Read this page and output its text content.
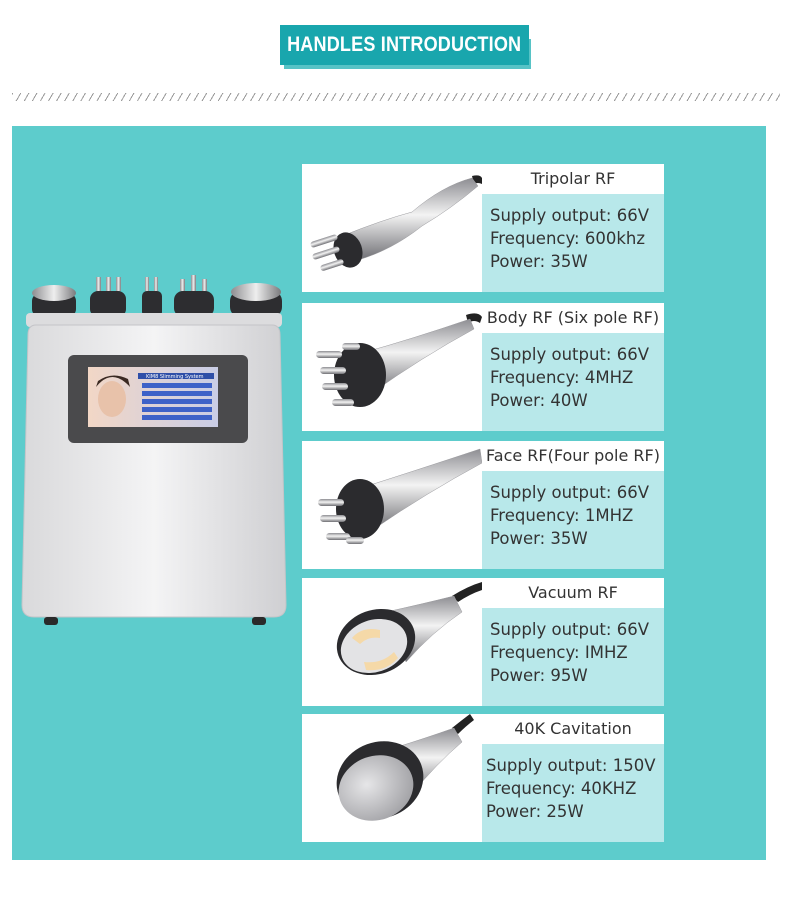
HANDLES INTRODUCTION
KIM8 Slimming System
Tripolar RF
Supply output: 66V
Frequency: 600khz
Power: 35W
Body RF (Six pole RF)
Supply output: 66V
Frequency: 4MHZ
Power: 40W
Face RF(Four pole RF)
Supply output: 66V
Frequency: 1MHZ
Power: 35W
Vacuum RF
Supply output: 66V
Frequency: IMHZ
Power: 95W
40K Cavitation
Supply output: 150V
Frequency: 40KHZ
Power: 25W
